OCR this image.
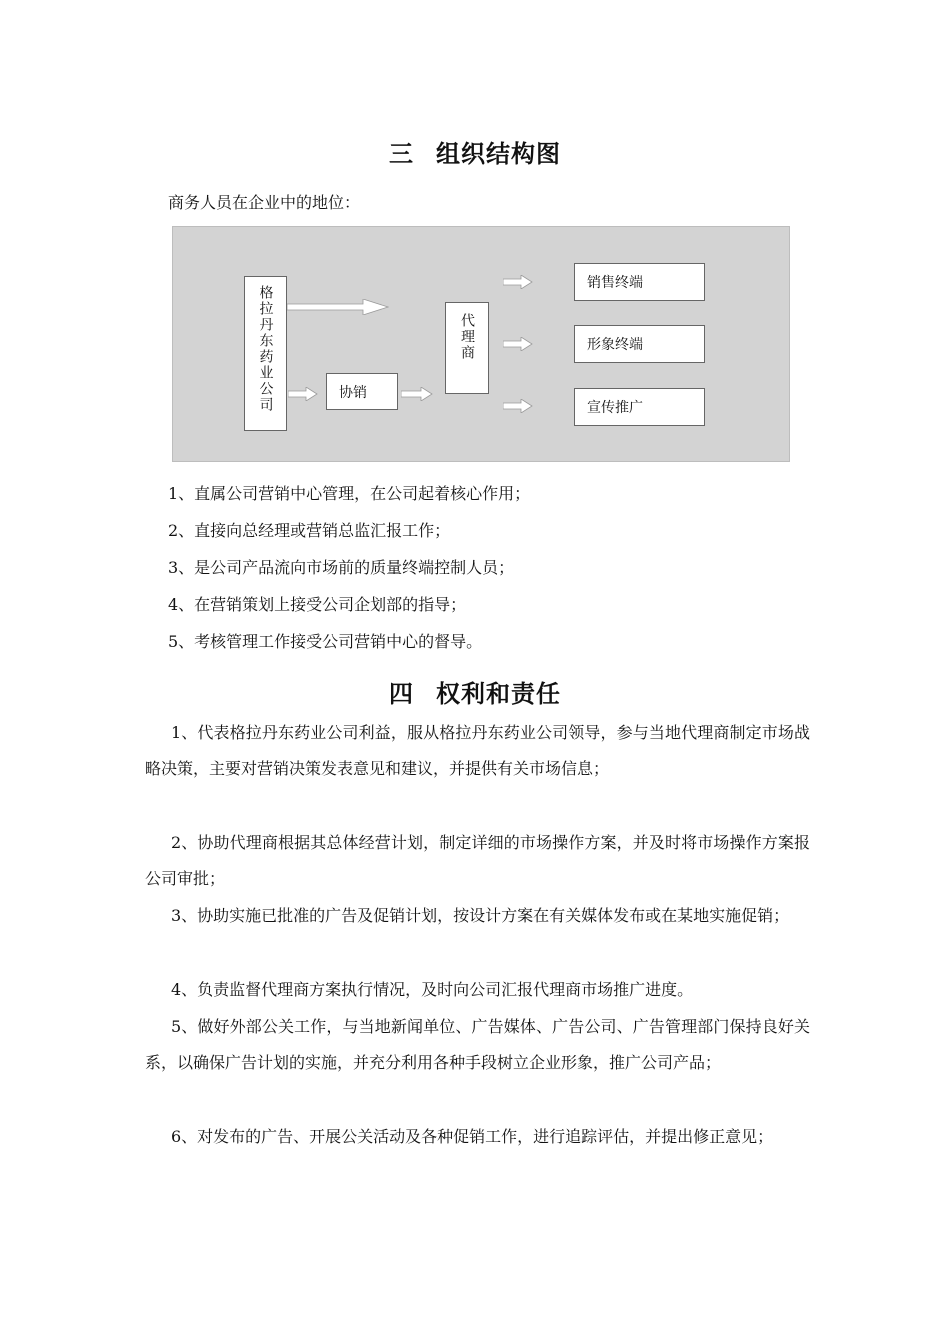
三 组织结构图
商务人员在企业中的地位：
格拉丹东药业公司	协销
代理商
销售终端
形象终端
宣传推广
1、直属公司营销中心管理，在公司起着核心作用；
2、直接向总经理或营销总监汇报工作；
3、是公司产品流向市场前的质量终端控制人员；
4、在营销策划上接受公司企划部的指导；
5、考核管理工作接受公司营销中心的督导。
四 权利和责任
1、代表格拉丹东药业公司利益，服从格拉丹东药业公司领导，参与当地代理商制定市场战略决策，主要对营销决策发表意见和建议，并提供有关市场信息；
2、协助代理商根据其总体经营计划，制定详细的市场操作方案，并及时将市场操作方案报公司审批；
3、协助实施已批准的广告及促销计划，按设计方案在有关媒体发布或在某地实施促销；
4、负责监督代理商方案执行情况，及时向公司汇报代理商市场推广进度。
5、做好外部公关工作，与当地新闻单位、广告媒体、广告公司、广告管理部门保持良好关系，以确保广告计划的实施，并充分利用各种手段树立企业形象，推广公司产品；
6、对发布的广告、开展公关活动及各种促销工作，进行追踪评估，并提出修正意见；
